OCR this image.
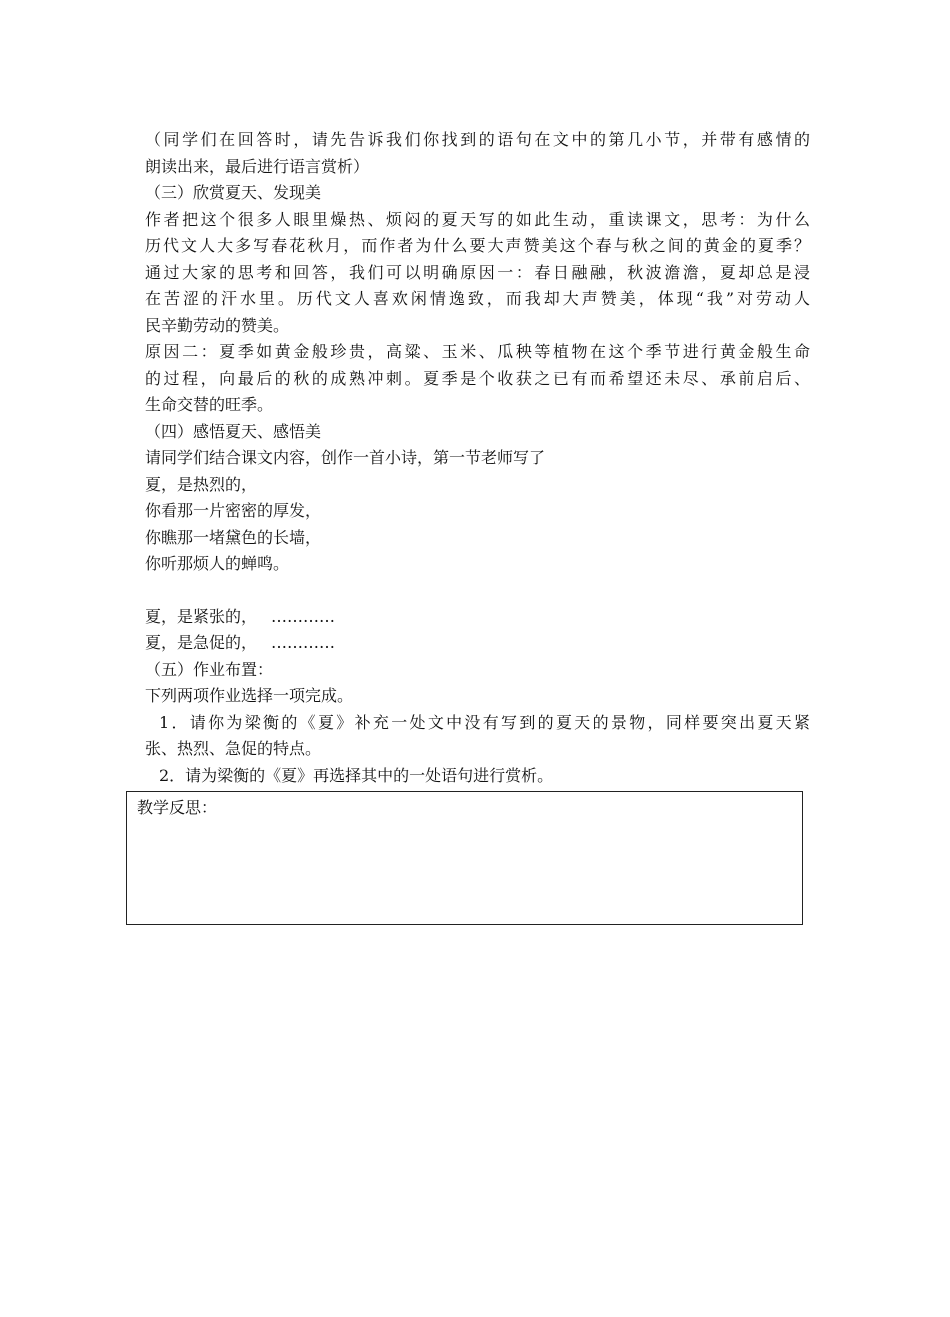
（同学们在回答时，请先告诉我们你找到的语句在文中的第几小节，并带有感情的
朗读出来，最后进行语言赏析）
（三）欣赏夏天、发现美
作者把这个很多人眼里燥热、烦闷的夏天写的如此生动，重读课文，思考：为什么
历代文人大多写春花秋月，而作者为什么要大声赞美这个春与秋之间的黄金的夏季？
通过大家的思考和回答，我们可以明确原因一：春日融融，秋波澹澹，夏却总是浸
在苦涩的汗水里。历代文人喜欢闲情逸致，而我却大声赞美，体现“我”对劳动人
民辛勤劳动的赞美。
原因二：夏季如黄金般珍贵，高粱、玉米、瓜秧等植物在这个季节进行黄金般生命
的过程，向最后的秋的成熟冲刺。夏季是个收获之已有而希望还未尽、承前启后、
生命交替的旺季。
（四）感悟夏天、感悟美
请同学们结合课文内容，创作一首小诗，第一节老师写了
夏，是热烈的，
你看那一片密密的厚发，
你瞧那一堵黛色的长墙，
你听那烦人的蝉鸣。
夏，是紧张的， …………
夏，是急促的， …………
（五）作业布置：
下列两项作业选择一项完成。
1．请你为梁衡的《夏》补充一处文中没有写到的夏天的景物，同样要突出夏天紧
张、热烈、急促的特点。
2．请为梁衡的《夏》再选择其中的一处语句进行赏析。
教学反思：
